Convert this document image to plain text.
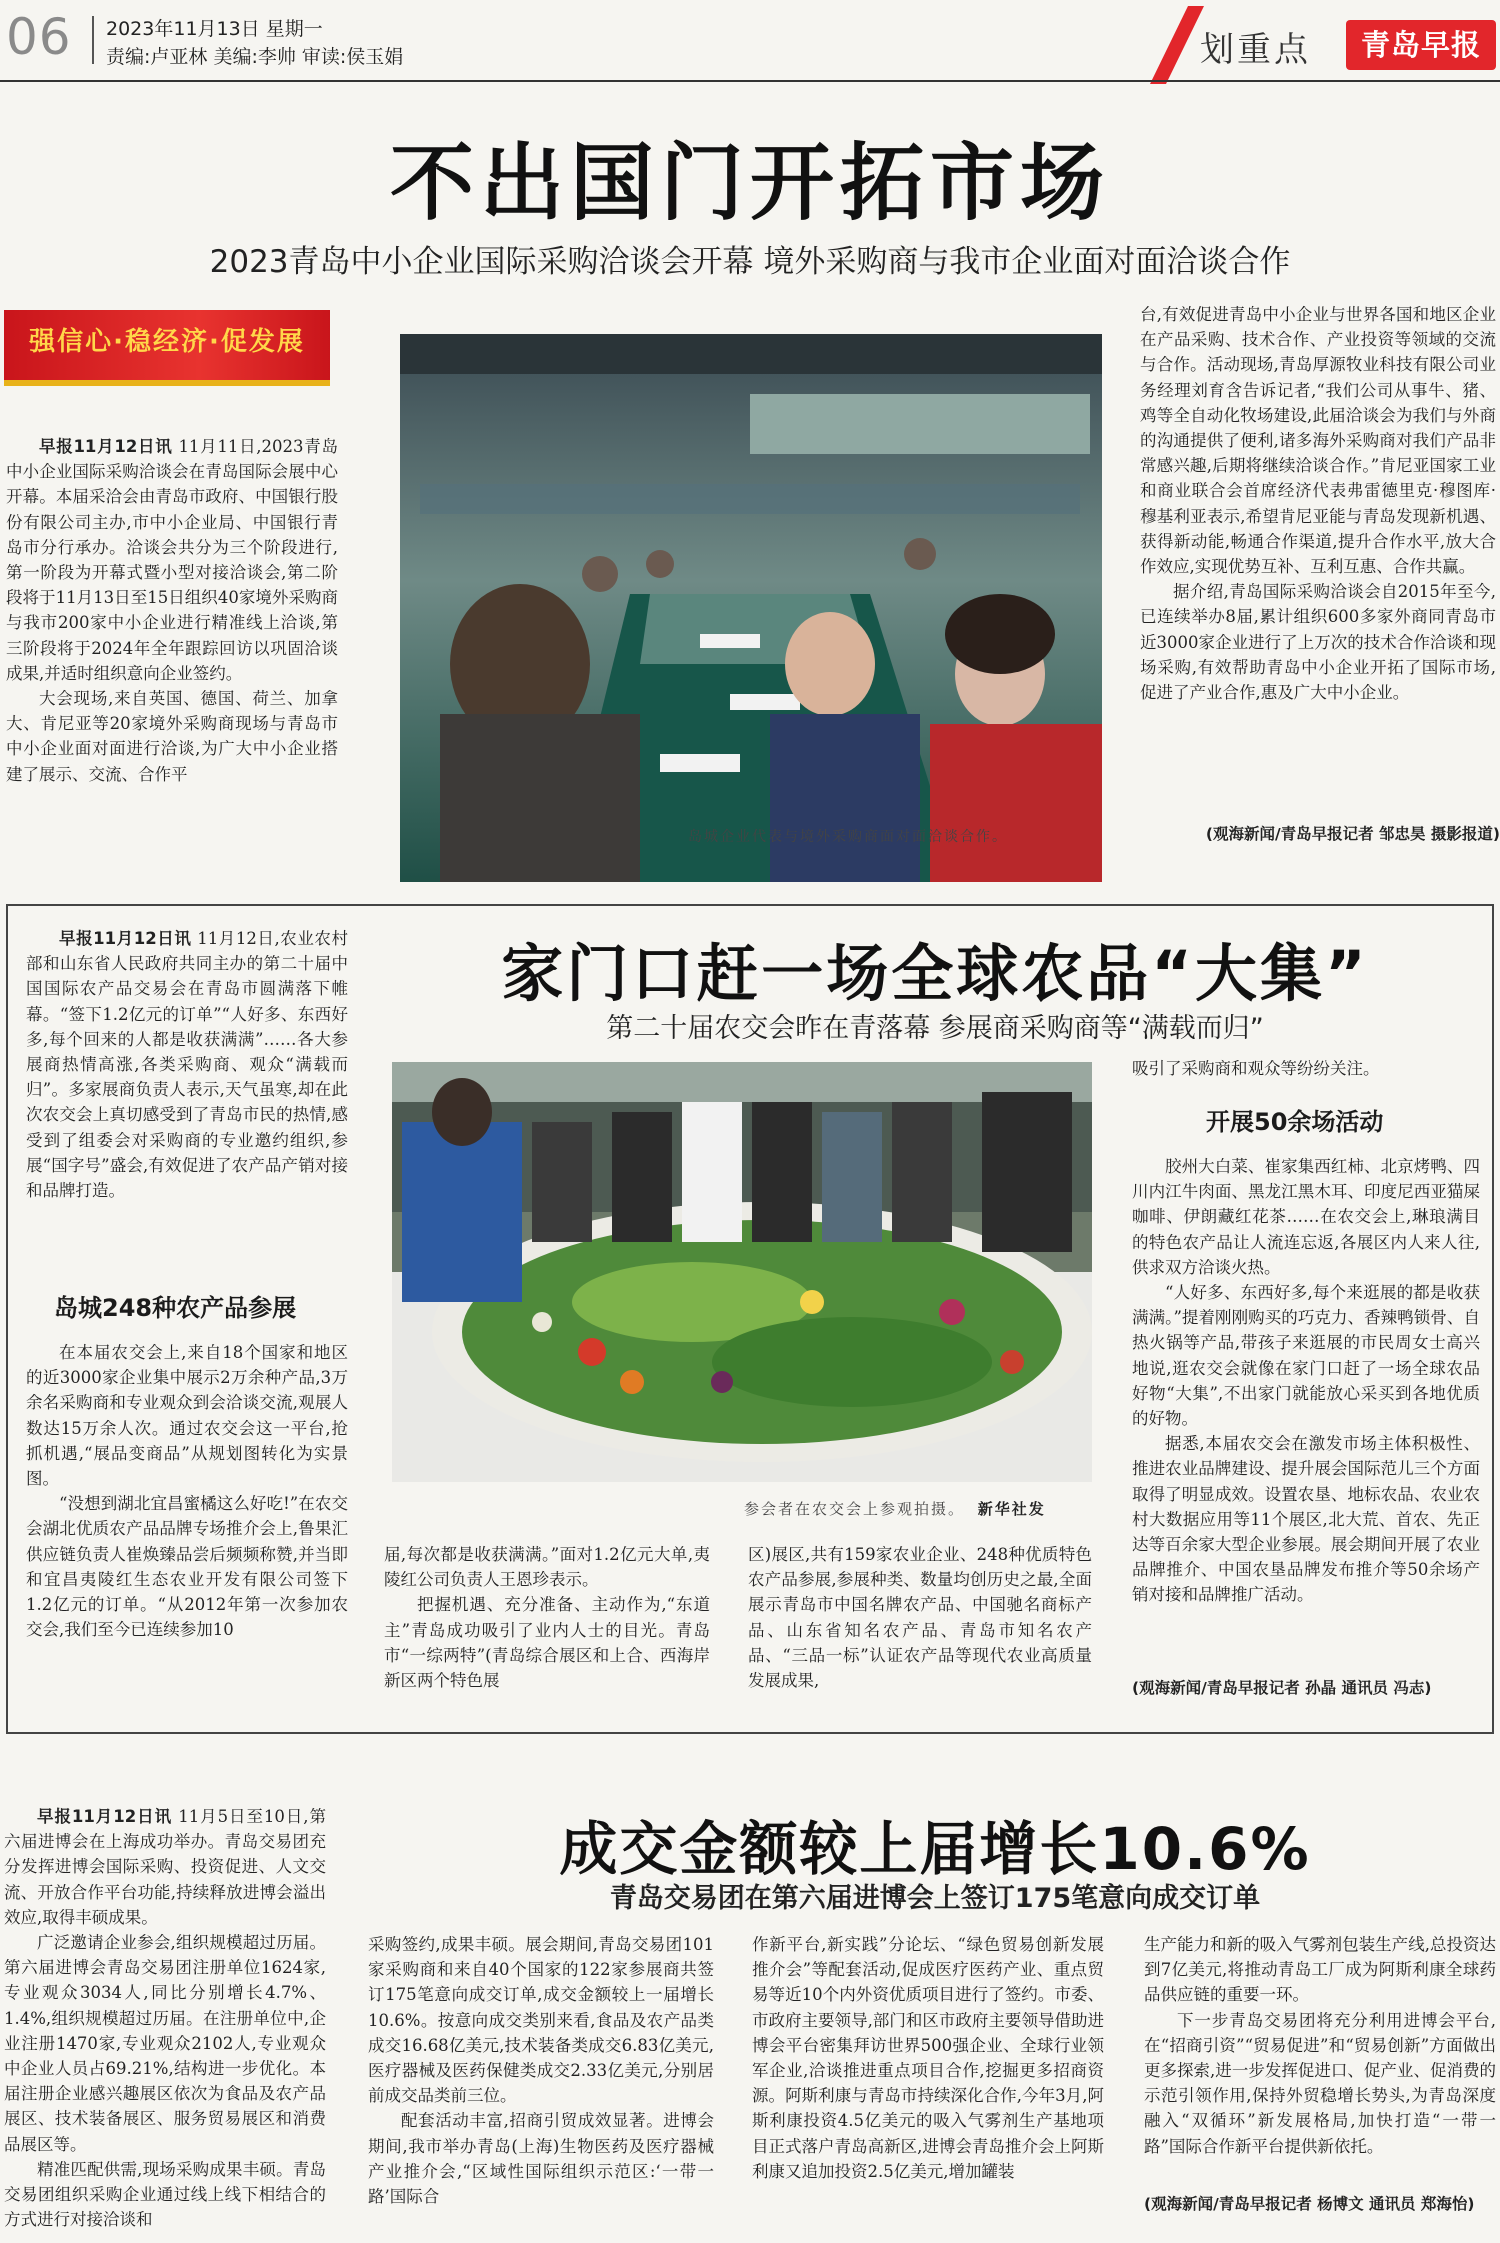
06 2023年11月13日 星期一
责编:卢亚林 美编:李帅 审读:侯玉娟	划重点	青岛早报
不出国门开拓市场
2023青岛中小企业国际采购洽谈会开幕 境外采购商与我市企业面对面洽谈合作
强信心·稳经济·促发展

早报11月12日讯 11月11日,2023青岛中小企业国际采购洽谈会在青岛国际会展中心开幕。本届采洽会由青岛市政府、中国银行股份有限公司主办,市中小企业局、中国银行青岛市分行承办。洽谈会共分为三个阶段进行,第一阶段为开幕式暨小型对接洽谈会,第二阶段将于11月13日至15日组织40家境外采购商与我市200家中小企业进行精准线上洽谈,第三阶段将于2024年全年跟踪回访以巩固洽谈成果,并适时组织意向企业签约。

大会现场,来自英国、德国、荷兰、加拿大、肯尼亚等20家境外采购商现场与青岛市中小企业面对面进行洽谈,为广大中小企业搭建了展示、交流、合作平

岛城企业代表与境外采购商面对面洽谈合作。

台,有效促进青岛中小企业与世界各国和地区企业在产品采购、技术合作、产业投资等领域的交流与合作。活动现场,青岛厚源牧业科技有限公司业务经理刘育含告诉记者,“我们公司从事牛、猪、鸡等全自动化牧场建设,此届洽谈会为我们与外商的沟通提供了便利,诸多海外采购商对我们产品非常感兴趣,后期将继续洽谈合作。”肯尼亚国家工业和商业联合会首席经济代表弗雷德里克·穆图库·穆基利亚表示,希望肯尼亚能与青岛发现新机遇、获得新动能,畅通合作渠道,提升合作水平,放大合作效应,实现优势互补、互利互惠、合作共赢。

据介绍,青岛国际采购洽谈会自2015年至今,已连续举办8届,累计组织600多家外商同青岛市近3000家企业进行了上万次的技术合作洽谈和现场采购,有效帮助青岛中小企业开拓了国际市场,促进了产业合作,惠及广大中小企业。

(观海新闻/青岛早报记者 邹忠昊 摄影报道)
家门口赶一场全球农品“大集”
第二十届农交会昨在青落幕 参展商采购商等“满载而归”

早报11月12日讯 11月12日,农业农村部和山东省人民政府共同主办的第二十届中国国际农产品交易会在青岛市圆满落下帷幕。“签下1.2亿元的订单”“人好多、东西好多,每个回来的人都是收获满满”……各大参展商热情高涨,各类采购商、观众“满载而归”。多家展商负责人表示,天气虽寒,却在此次农交会上真切感受到了青岛市民的热情,感受到了组委会对采购商的专业邀约组织,参展“国字号”盛会,有效促进了农产品产销对接和品牌打造。

岛城248种农产品参展

在本届农交会上,来自18个国家和地区的近3000家企业集中展示2万余种产品,3万余名采购商和专业观众到会洽谈交流,观展人数达15万余人次。通过农交会这一平台,抢抓机遇,“展品变商品”从规划图转化为实景图。

“没想到湖北宜昌蜜橘这么好吃!”在农交会湖北优质农产品品牌专场推介会上,鲁果汇供应链负责人崔焕臻品尝后频频称赞,并当即和宜昌夷陵红生态农业开发有限公司签下1.2亿元的订单。“从2012年第一次参加农交会,我们至今已连续参加10

参会者在农交会上参观拍摄。 新华社发

届,每次都是收获满满。”面对1.2亿元大单,夷陵红公司负责人王恩珍表示。

把握机遇、充分准备、主动作为,“东道主”青岛成功吸引了业内人士的目光。青岛市“一综两特”(青岛综合展区和上合、西海岸新区两个特色展

区)展区,共有159家农业企业、248种优质特色农产品参展,参展种类、数量均创历史之最,全面展示青岛市中国名牌农产品、中国驰名商标产品、山东省知名农产品、青岛市知名农产品、“三品一标”认证农产品等现代农业高质量发展成果,

吸引了采购商和观众等纷纷关注。

开展50余场活动

胶州大白菜、崔家集西红柿、北京烤鸭、四川内江牛肉面、黑龙江黑木耳、印度尼西亚猫屎咖啡、伊朗藏红花茶……在农交会上,琳琅满目的特色农产品让人流连忘返,各展区内人来人往,供求双方洽谈火热。

“人好多、东西好多,每个来逛展的都是收获满满。”提着刚刚购买的巧克力、香辣鸭锁骨、自热火锅等产品,带孩子来逛展的市民周女士高兴地说,逛农交会就像在家门口赶了一场全球农品好物“大集”,不出家门就能放心采买到各地优质的好物。

据悉,本届农交会在激发市场主体积极性、推进农业品牌建设、提升展会国际范儿三个方面取得了明显成效。设置农垦、地标农品、农业农村大数据应用等11个展区,北大荒、首农、先正达等百余家大型企业参展。展会期间开展了农业品牌推介、中国农垦品牌发布推介等50余场产销对接和品牌推广活动。

(观海新闻/青岛早报记者 孙晶 通讯员 冯志)
成交金额较上届增长10.6%
青岛交易团在第六届进博会上签订175笔意向成交订单

早报11月12日讯 11月5日至10日,第六届进博会在上海成功举办。青岛交易团充分发挥进博会国际采购、投资促进、人文交流、开放合作平台功能,持续释放进博会溢出效应,取得丰硕成果。

广泛邀请企业参会,组织规模超过历届。第六届进博会青岛交易团注册单位1624家,专业观众3034人,同比分别增长4.7%、1.4%,组织规模超过历届。在注册单位中,企业注册1470家,专业观众2102人,专业观众中企业人员占69.21%,结构进一步优化。本届注册企业感兴趣展区依次为食品及农产品展区、技术装备展区、服务贸易展区和消费品展区等。

精准匹配供需,现场采购成果丰硕。青岛交易团组织采购企业通过线上线下相结合的方式进行对接洽谈和

采购签约,成果丰硕。展会期间,青岛交易团101家采购商和来自40个国家的122家参展商共签订175笔意向成交订单,成交金额较上一届增长10.6%。按意向成交类别来看,食品及农产品类成交16.68亿美元,技术装备类成交6.83亿美元,医疗器械及医药保健类成交2.33亿美元,分别居前成交品类前三位。

配套活动丰富,招商引贸成效显著。进博会期间,我市举办青岛(上海)生物医药及医疗器械产业推介会,“区域性国际组织示范区:‘一带一路’国际合

作新平台,新实践”分论坛、“绿色贸易创新发展推介会”等配套活动,促成医疗医药产业、重点贸易等近10个内外资优质项目进行了签约。市委、市政府主要领导,部门和区市政府主要领导借助进博会平台密集拜访世界500强企业、全球行业领军企业,洽谈推进重点项目合作,挖掘更多招商资源。阿斯利康与青岛市持续深化合作,今年3月,阿斯利康投资4.5亿美元的吸入气雾剂生产基地项目正式落户青岛高新区,进博会青岛推介会上阿斯利康又追加投资2.5亿美元,增加罐装

生产能力和新的吸入气雾剂包装生产线,总投资达到7亿美元,将推动青岛工厂成为阿斯利康全球药品供应链的重要一环。

下一步青岛交易团将充分利用进博会平台,在“招商引资”“贸易促进”和“贸易创新”方面做出更多探索,进一步发挥促进口、促产业、促消费的示范引领作用,保持外贸稳增长势头,为青岛深度融入“双循环”新发展格局,加快打造“一带一路”国际合作新平台提供新依托。

(观海新闻/青岛早报记者 杨博文 通讯员 郑海怡)
